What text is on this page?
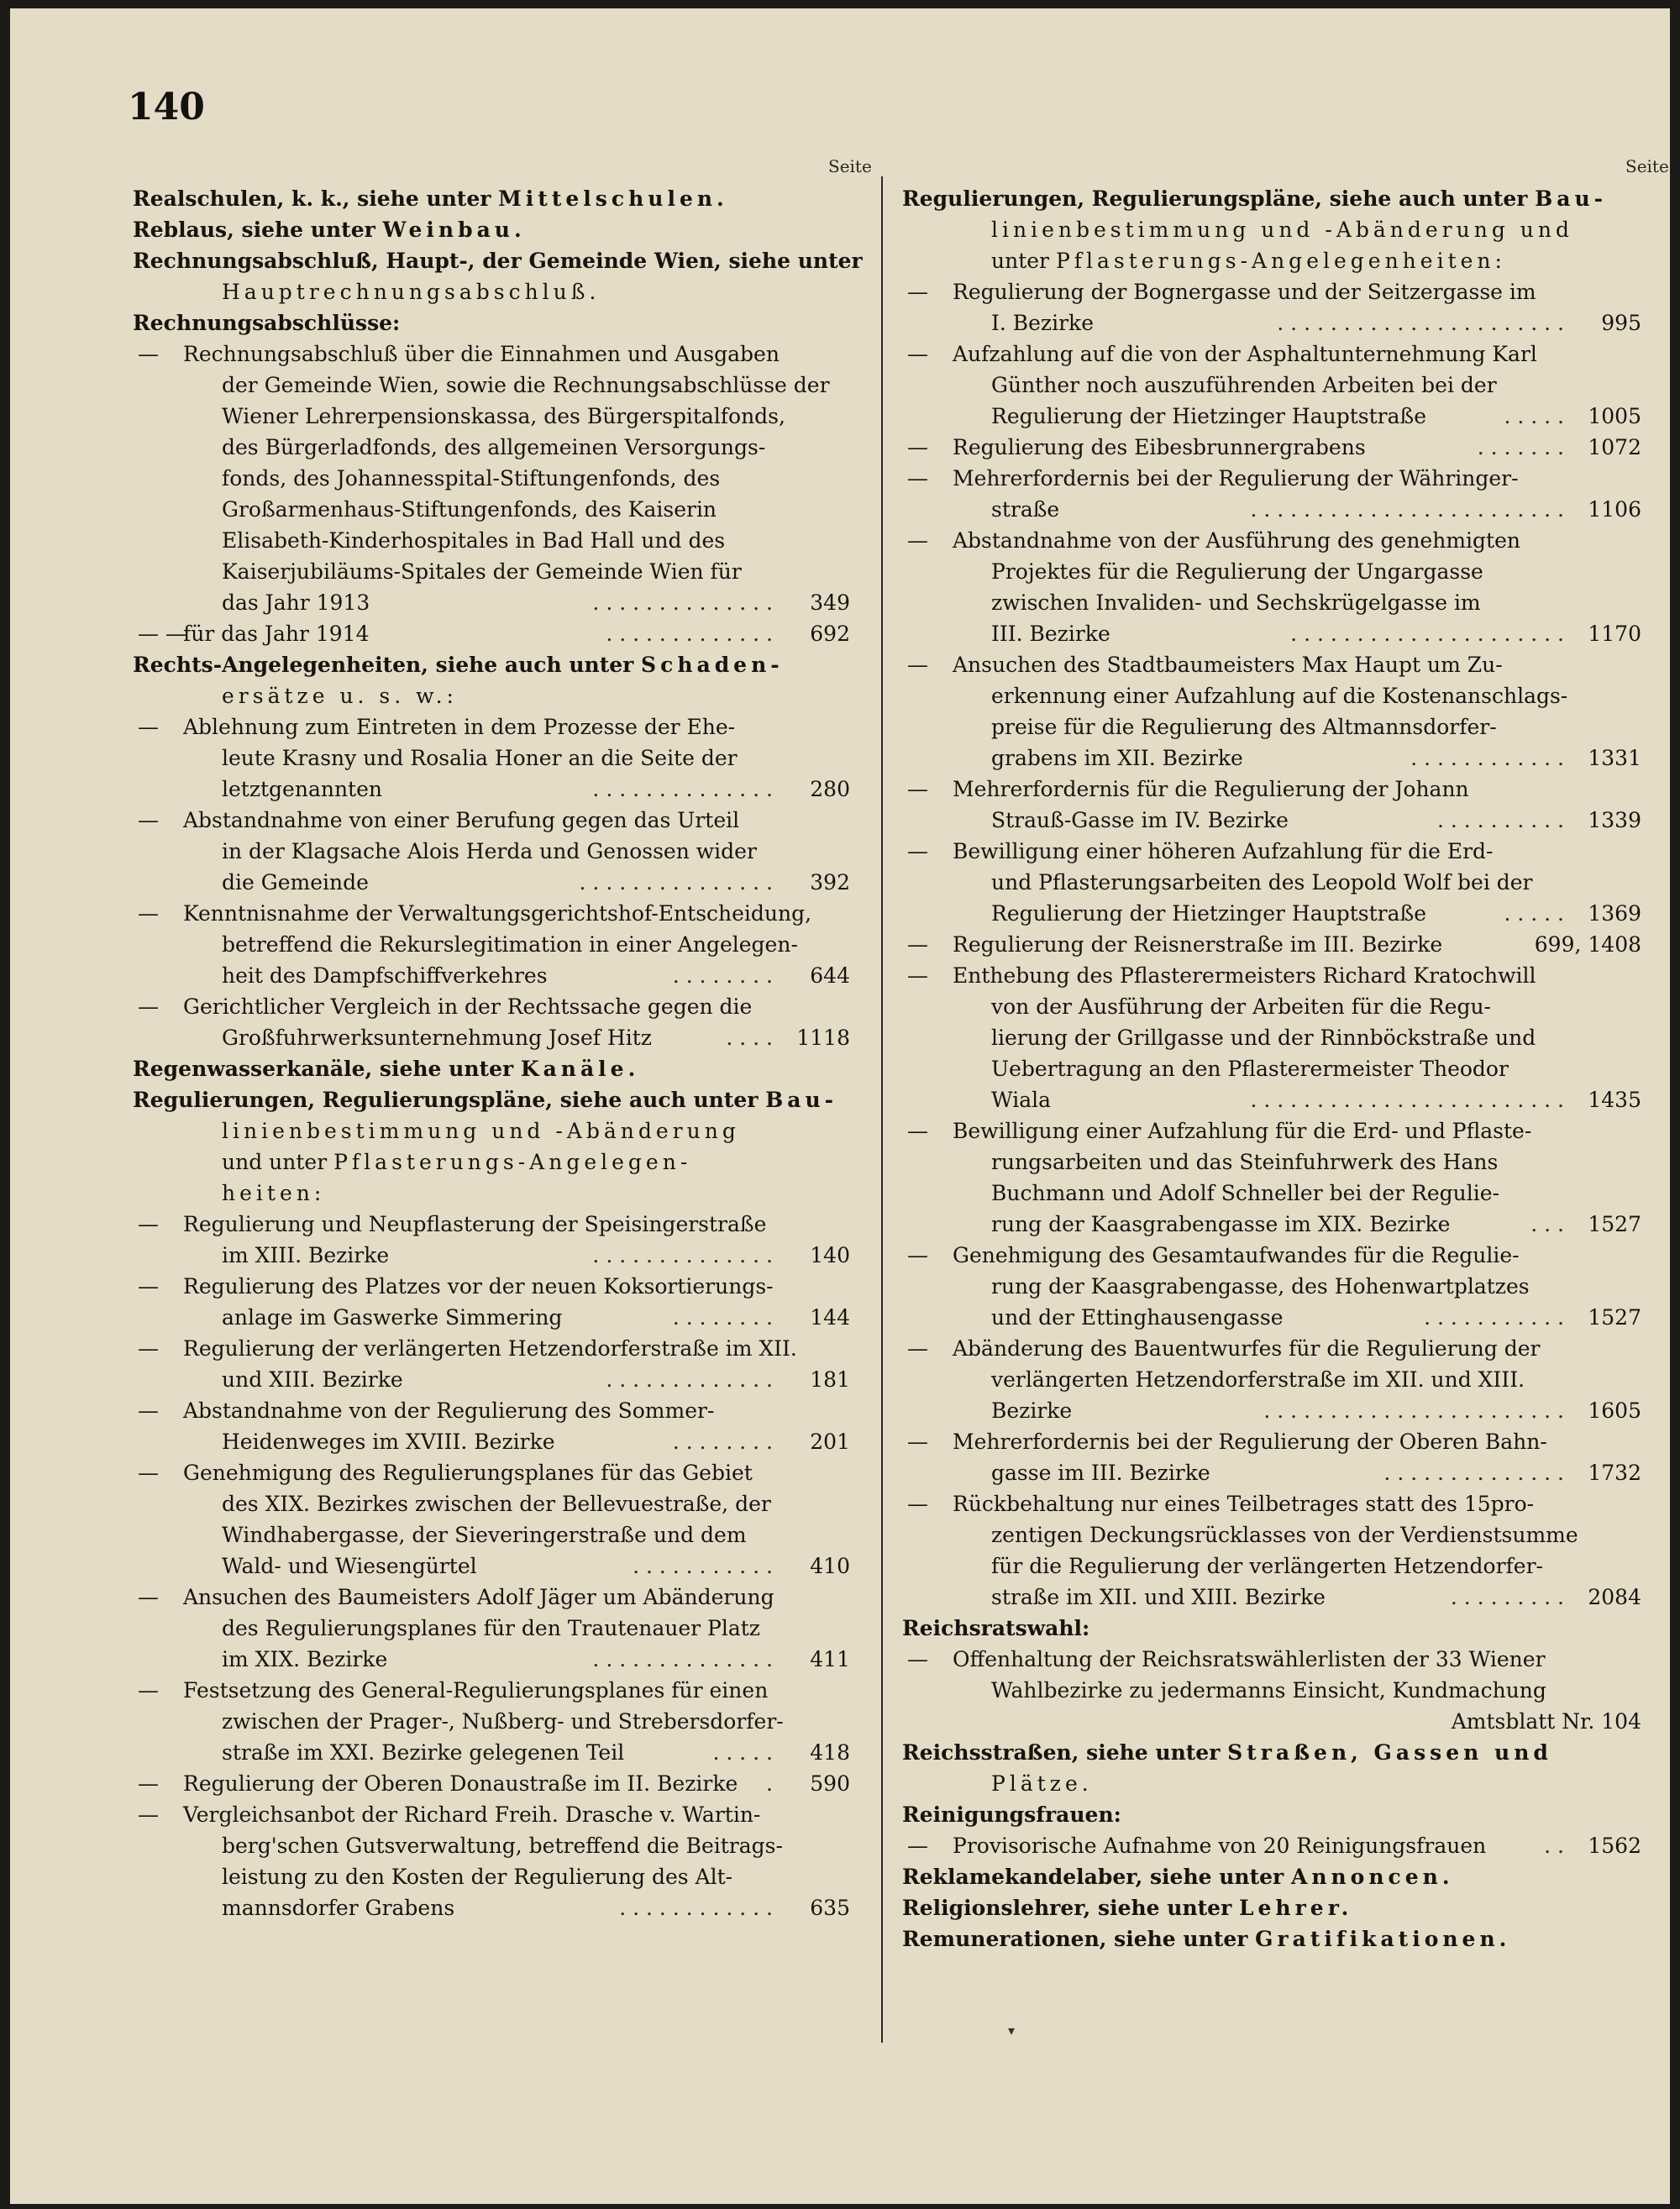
140
Seite	Seite
Realschulen, k. k., siehe unter Mittelschulen.
Reblaus, siehe unter Weinbau.
Rechnungsabschluß, Haupt-, der Gemeinde Wien, siehe unter
Hauptrechnungsabschluß.
Rechnungsabschlüsse:
— Rechnungsabschluß über die Einnahmen und Ausgaben
der Gemeinde Wien, sowie die Rechnungsabschlüsse der
Wiener Lehrerpensionskassa, des Bürgerspitalfonds,
des Bürgerladfonds, des allgemeinen Versorgungs-
fonds, des Johannesspital-Stiftungenfonds, des
Großarmenhaus-Stiftungenfonds, des Kaiserin
Elisabeth-Kinderhospitales in Bad Hall und des
Kaiserjubiläums-Spitales der Gemeinde Wien für
das Jahr 1913	. . . . . . . . . . . . . . 349
— —
für das Jahr 1914	. . . . . . . . . . . . . 692
Rechts-Angelegenheiten, siehe auch unter Schaden-
ersätze u. s. w.:
— Ablehnung zum Eintreten in dem Prozesse der Ehe-
leute Krasny und Rosalia Honer an die Seite der
letztgenannten	. . . . . . . . . . . . . . 280
— Abstandnahme von einer Berufung gegen das Urteil
in der Klagsache Alois Herda und Genossen wider
die Gemeinde	. . . . . . . . . . . . . . . 392
— Kenntnisnahme der Verwaltungsgerichtshof-Entscheidung,
betreffend die Rekurslegitimation in einer Angelegen-
heit des Dampfschiffverkehres	. . . . . . . . 644
— Gerichtlicher Vergleich in der Rechtssache gegen die
Großfuhrwerksunternehmung Josef Hitz	. . . . 1118
Regenwasserkanäle, siehe unter Kanäle.
Regulierungen, Regulierungspläne, siehe auch unter Bau-
linienbestimmung und -Abänderung
und unter Pflasterungs-Angelegen-
heiten:
— Regulierung und Neupflasterung der Speisingerstraße
im XIII. Bezirke	. . . . . . . . . . . . . . 140
— Regulierung des Platzes vor der neuen Koksortierungs-
anlage im Gaswerke Simmering	. . . . . . . . 144
— Regulierung der verlängerten Hetzendorferstraße im XII.
und XIII. Bezirke	. . . . . . . . . . . . . 181
— Abstandnahme von der Regulierung des Sommer-
Heidenweges im XVIII. Bezirke	. . . . . . . . 201
— Genehmigung des Regulierungsplanes für das Gebiet
des XIX. Bezirkes zwischen der Bellevuestraße, der
Windhabergasse, der Sieveringerstraße und dem
Wald- und Wiesengürtel	. . . . . . . . . . . 410
— Ansuchen des Baumeisters Adolf Jäger um Abänderung
des Regulierungsplanes für den Trautenauer Platz
im XIX. Bezirke	. . . . . . . . . . . . . . 411
— Festsetzung des General-Regulierungsplanes für einen
zwischen der Prager-, Nußberg- und Strebersdorfer-
straße im XXI. Bezirke gelegenen Teil	. . . . . 418
— Regulierung der Oberen Donaustraße im II. Bezirke . 590
— Vergleichsanbot der Richard Freih. Drasche v. Wartin-
berg'schen Gutsverwaltung, betreffend die Beitrags-
leistung zu den Kosten der Regulierung des Alt-
mannsdorfer Grabens	. . . . . . . . . . . . 635
Regulierungen, Regulierungspläne, siehe auch unter Bau-
linienbestimmung und -Abänderung und
unter Pflasterungs-Angelegenheiten:
— Regulierung der Bognergasse und der Seitzergasse im
I. Bezirke	. . . . . . . . . . . . . . . . . . . . . . 995
— Aufzahlung auf die von der Asphaltunternehmung Karl
Günther noch auszuführenden Arbeiten bei der
Regulierung der Hietzinger Hauptstraße	. . . . . 1005
— Regulierung des Eibesbrunnergrabens	. . . . . . . 1072
— Mehrerfordernis bei der Regulierung der Währinger-
straße	. . . . . . . . . . . . . . . . . . . . . . . . 1106
— Abstandnahme von der Ausführung des genehmigten
Projektes für die Regulierung der Ungargasse
zwischen Invaliden- und Sechskrügelgasse im
III. Bezirke	. . . . . . . . . . . . . . . . . . . . . 1170
— Ansuchen des Stadtbaumeisters Max Haupt um Zu-
erkennung einer Aufzahlung auf die Kostenanschlags-
preise für die Regulierung des Altmannsdorfer-
grabens im XII. Bezirke	. . . . . . . . . . . . 1331
— Mehrerfordernis für die Regulierung der Johann
Strauß-Gasse im IV. Bezirke	. . . . . . . . . . 1339
— Bewilligung einer höheren Aufzahlung für die Erd-
und Pflasterungsarbeiten des Leopold Wolf bei der
Regulierung der Hietzinger Hauptstraße	. . . . . 1369
— Regulierung der Reisnerstraße im III. Bezirke	699, 1408
— Enthebung des Pflasterermeisters Richard Kratochwill
von der Ausführung der Arbeiten für die Regu-
lierung der Grillgasse und der Rinnböckstraße und
Uebertragung an den Pflasterermeister Theodor
Wiala	. . . . . . . . . . . . . . . . . . . . . . . . 1435
— Bewilligung einer Aufzahlung für die Erd- und Pflaste-
rungsarbeiten und das Steinfuhrwerk des Hans
Buchmann und Adolf Schneller bei der Regulie-
rung der Kaasgrabengasse im XIX. Bezirke	. . . 1527
— Genehmigung des Gesamtaufwandes für die Regulie-
rung der Kaasgrabengasse, des Hohenwartplatzes
und der Ettinghausengasse	. . . . . . . . . . . 1527
— Abänderung des Bauentwurfes für die Regulierung der
verlängerten Hetzendorferstraße im XII. und XIII.
Bezirke	. . . . . . . . . . . . . . . . . . . . . . . 1605
— Mehrerfordernis bei der Regulierung der Oberen Bahn-
gasse im III. Bezirke	. . . . . . . . . . . . . . 1732
— Rückbehaltung nur eines Teilbetrages statt des 15pro-
zentigen Deckungsrücklasses von der Verdienstsumme
für die Regulierung der verlängerten Hetzendorfer-
straße im XII. und XIII. Bezirke	. . . . . . . . . 2084
Reichsratswahl:
— Offenhaltung der Reichsratswählerlisten der 33 Wiener
Wahlbezirke zu jedermanns Einsicht, Kundmachung
Amtsblatt Nr. 104
Reichsstraßen, siehe unter Straßen, Gassen und
Plätze.
Reinigungsfrauen:
— Provisorische Aufnahme von 20 Reinigungsfrauen	. . 1562
Reklamekandelaber, siehe unter Annoncen.
Religionslehrer, siehe unter Lehrer.
Remunerationen, siehe unter Gratifikationen.
▾
